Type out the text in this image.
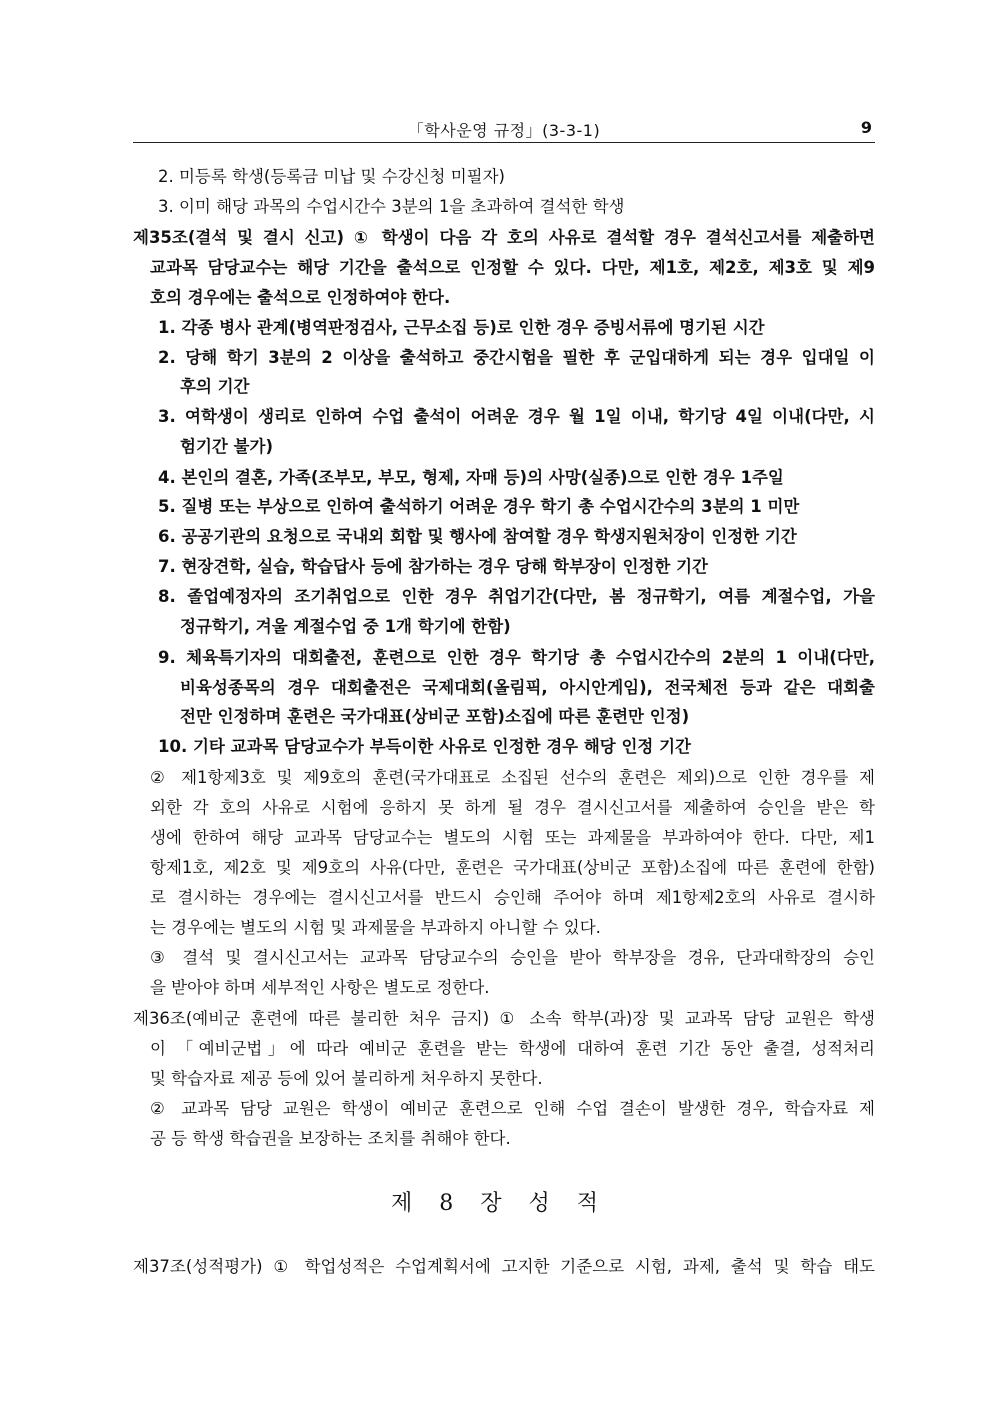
「학사운영 규정」(3-3-1)	9
2. 미등록 학생(등록금 미납 및 수강신청 미필자)
3. 이미 해당 과목의 수업시간수 3분의 1을 초과하여 결석한 학생
제35조(결석 및 결시 신고) ① 학생이 다음 각 호의 사유로 결석할 경우 결석신고서를 제출하면
교과목 담당교수는 해당 기간을 출석으로 인정할 수 있다. 다만, 제1호, 제2호, 제3호 및 제9
호의 경우에는 출석으로 인정하여야 한다.
1. 각종 병사 관계(병역판정검사, 근무소집 등)로 인한 경우 증빙서류에 명기된 시간
2. 당해 학기 3분의 2 이상을 출석하고 중간시험을 필한 후 군입대하게 되는 경우 입대일 이
후의 기간
3. 여학생이 생리로 인하여 수업 출석이 어려운 경우 월 1일 이내, 학기당 4일 이내(다만, 시
험기간 불가)
4. 본인의 결혼, 가족(조부모, 부모, 형제, 자매 등)의 사망(실종)으로 인한 경우 1주일
5. 질병 또는 부상으로 인하여 출석하기 어려운 경우 학기 총 수업시간수의 3분의 1 미만
6. 공공기관의 요청으로 국내외 회합 및 행사에 참여할 경우 학생지원처장이 인정한 기간
7. 현장견학, 실습, 학습답사 등에 참가하는 경우 당해 학부장이 인정한 기간
8. 졸업예정자의 조기취업으로 인한 경우 취업기간(다만, 봄 정규학기, 여름 계절수업, 가을
정규학기, 겨울 계절수업 중 1개 학기에 한함)
9. 체육특기자의 대회출전, 훈련으로 인한 경우 학기당 총 수업시간수의 2분의 1 이내(다만,
비육성종목의 경우 대회출전은 국제대회(올림픽, 아시안게임), 전국체전 등과 같은 대회출
전만 인정하며 훈련은 국가대표(상비군 포함)소집에 따른 훈련만 인정)
10. 기타 교과목 담당교수가 부득이한 사유로 인정한 경우 해당 인정 기간
② 제1항제3호 및 제9호의 훈련(국가대표로 소집된 선수의 훈련은 제외)으로 인한 경우를 제
외한 각 호의 사유로 시험에 응하지 못 하게 될 경우 결시신고서를 제출하여 승인을 받은 학
생에 한하여 해당 교과목 담당교수는 별도의 시험 또는 과제물을 부과하여야 한다. 다만, 제1
항제1호, 제2호 및 제9호의 사유(다만, 훈련은 국가대표(상비군 포함)소집에 따른 훈련에 한함)
로 결시하는 경우에는 결시신고서를 반드시 승인해 주어야 하며 제1항제2호의 사유로 결시하
는 경우에는 별도의 시험 및 과제물을 부과하지 아니할 수 있다.
③ 결석 및 결시신고서는 교과목 담당교수의 승인을 받아 학부장을 경유, 단과대학장의 승인
을 받아야 하며 세부적인 사항은 별도로 정한다.
제36조(예비군 훈련에 따른 불리한 처우 금지) ① 소속 학부(과)장 및 교과목 담당 교원은 학생
이 「예비군법」에 따라 예비군 훈련을 받는 학생에 대하여 훈련 기간 동안 출결, 성적처리
및 학습자료 제공 등에 있어 불리하게 처우하지 못한다.
② 교과목 담당 교원은 학생이 예비군 훈련으로 인해 수업 결손이 발생한 경우, 학습자료 제
공 등 학생 학습권을 보장하는 조치를 취해야 한다.
제 8 장 성 적
제37조(성적평가) ① 학업성적은 수업계획서에 고지한 기준으로 시험, 과제, 출석 및 학습 태도
